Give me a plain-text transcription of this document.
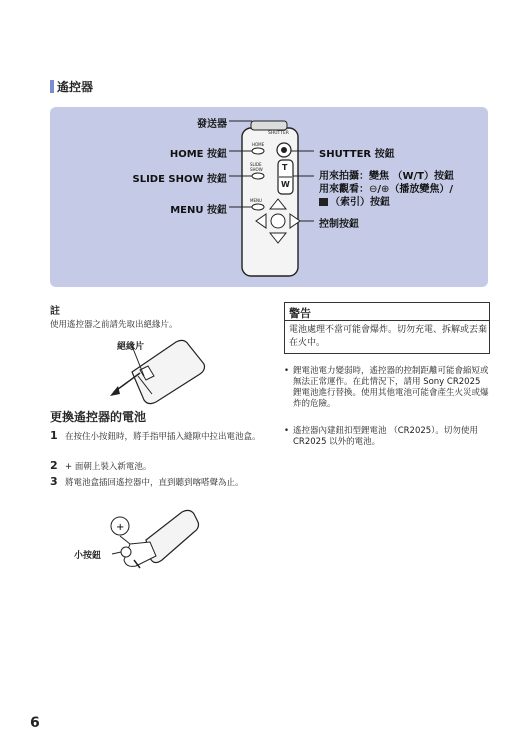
遙控器
SHUTTER
HOME
SLIDE
SHOW
MENU
T
W
發送器
HOME 按鈕
SLIDE SHOW 按鈕
MENU 按鈕
SHUTTER 按鈕
用來拍攝：變焦 （W/T）按鈕
用來觀看：⊖/⊕（播放變焦）/
（索引）按鈕
控制按鈕
註
使用遙控器之前請先取出絕緣片。
絕緣片
更換遙控器的電池
1 在按住小按鈕時，將手指甲插入縫隙中拉出電池盒。
2 + 面朝上裝入新電池。
3 將電池盒插回遙控器中，直到聽到喀嗒聲為止。
+
小按鈕
警告
電池處理不當可能會爆炸。切勿充電、拆解或丟棄在火中。
• 鋰電池電力變弱時，遙控器的控制距離可能會縮短或無法正常運作。在此情況下，請用 Sony CR2025 鋰電池進行替換。使用其他電池可能會產生火災或爆炸的危險。
• 遙控器內建鈕扣型鋰電池 （CR2025）。切勿使用 CR2025 以外的電池。
6
